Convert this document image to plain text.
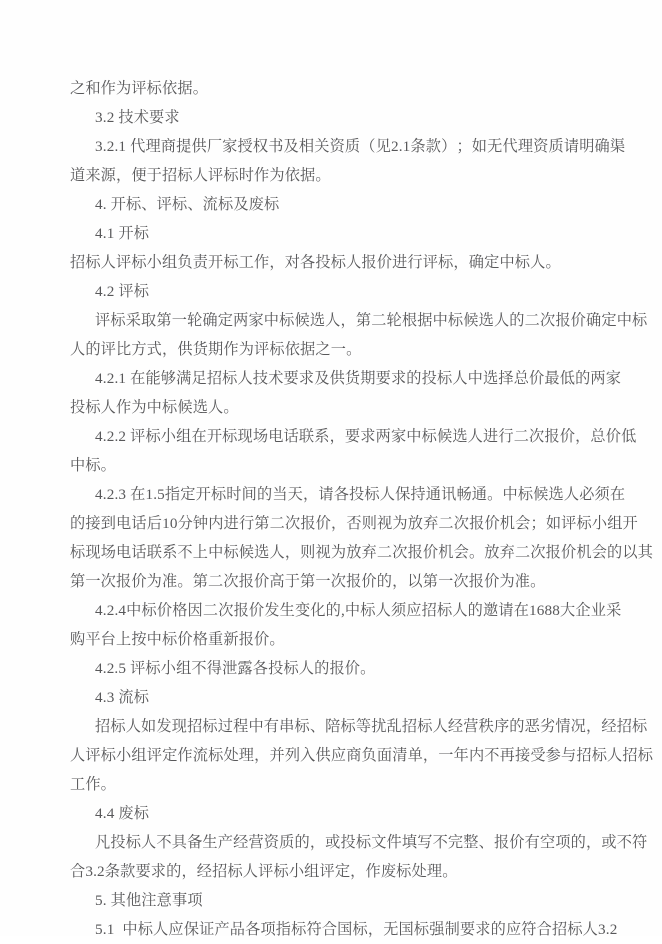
之和作为评标依据。
3.2 技术要求
3 . 2 . 1
代 理 商 提 供 厂 家 授 权 书 及 相 关 资 质 （ 见 2 . 1 条 款 ） ； 如 无 代 理 资 质 请 明 确 渠
道来源，便于招标人评标时作为依据。
4. 开标、评标、流标及废标
4.1 开标
招标人评标小组负责开标工作，对各投标人报价进行评标，确定中标人。
4.2 评标
评 标 采 取 第 一 轮 确 定 两 家 中 标 候 选 人 ， 第 二 轮 根 据 中 标 候 选 人 的 二 次 报 价 确 定 中 标
人的评比方式，供货期作为评标依据之一。
4 . 2 . 1
在 能 够 满 足 招 标 人 技 术 要 求 及 供 货 期 要 求 的 投 标 人 中 选 择 总 价 最 低 的 两 家
投标人作为中标候选人。
4 . 2 . 2
评 标 小 组 在 开 标 现 场 电 话 联 系 ， 要 求 两 家 中 标 候 选 人 进 行 二 次 报 价 ， 总 价 低
中标。
4 . 2 . 3
在 1 . 5 指 定 开 标 时 间 的 当 天 ， 请 各 投 标 人 保 持 通 讯 畅 通 。 中 标 候 选 人 必 须 在
的 接 到 电 话 后 1 0 分 钟 内 进 行 第 二 次 报 价 ， 否 则 视 为 放 弃 二 次 报 价 机 会 ； 如 评 标 小 组 开
标 现 场 电 话 联 系 不 上 中 标 候 选 人 ， 则 视 为 放 弃 二 次 报 价 机 会 。 放 弃 二 次 报 价 机 会 的 以 其
第一次报价为准。第二次报价高于第一次报价的，以第一次报价为准。
4 . 2 . 4 中 标 价 格 因 二 次 报 价 发 生 变 化 的 , 中 标 人 须 应 招 标 人 的 邀 请 在 1 6 8 8 大 企 业 采
购平台上按中标价格重新报价。
4.2.5 评标小组不得泄露各投标人的报价。
4.3 流标
招 标 人 如 发 现 招 标 过 程 中 有 串 标 、 陪 标 等 扰 乱 招 标 人 经 营 秩 序 的 恶 劣 情 况 ， 经 招 标
人 评 标 小 组 评 定 作 流 标 处 理 ， 并 列 入 供 应 商 负 面 清 单 ， 一 年 内 不 再 接 受 参 与 招 标 人 招 标
工作。
4.4 废标
凡 投 标 人 不 具 备 生 产 经 营 资 质 的 ， 或 投 标 文 件 填 写 不 完 整 、 报 价 有 空 项 的 ， 或 不 符
合3.2条款要求的，经招标人评标小组评定，作废标处理。
5. 其他注意事项
5 . 1

中 标 人 应 保 证 产 品 各 项 指 标 符 合 国 标 ， 无 国 标 强 制 要 求 的 应 符 合 招 标 人 3 . 2
